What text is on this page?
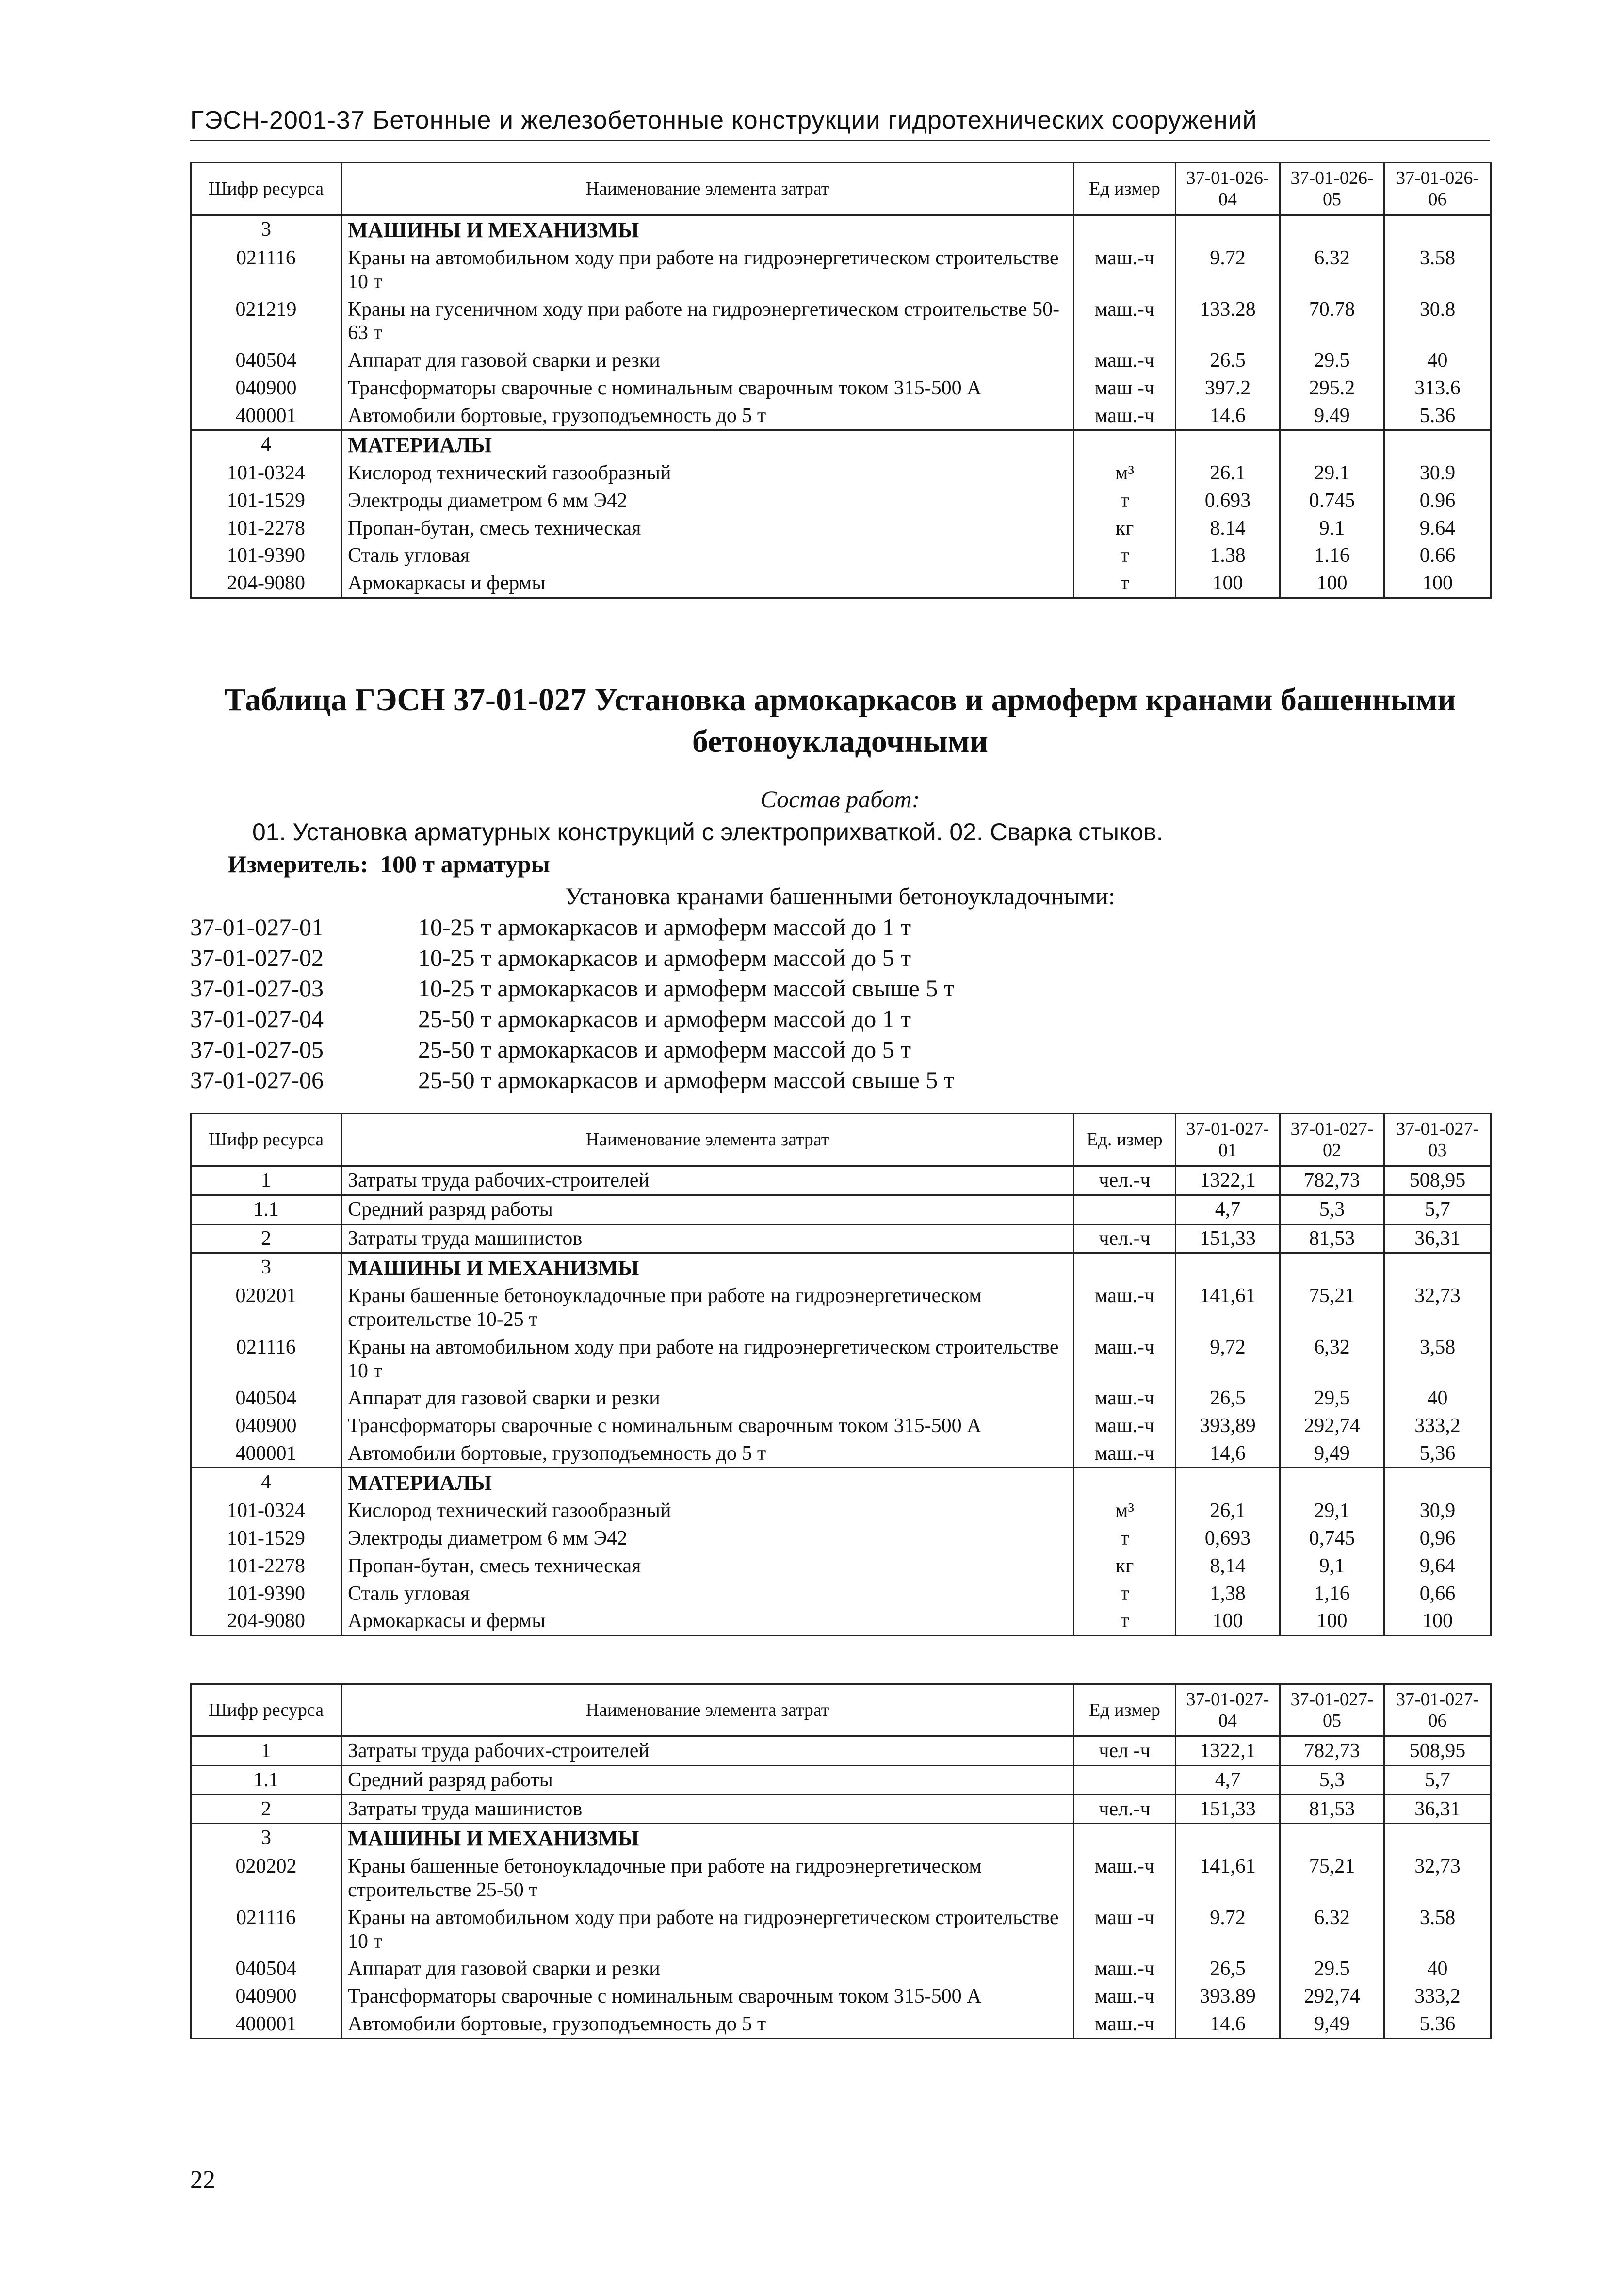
ГЭСН-2001-37 Бетонные и железобетонные конструкции гидротехнических сооружений
Шифр ресурса	Наименование элемента затрат	Ед измер	37-01-026-04	37-01-026-05	37-01-026-06
3	МАШИНЫ И МЕХАНИЗМЫ				
021116	Краны на автомобильном ходу при работе на гидроэнергетическом строительстве 10 т	маш.-ч	9.72	6.32	3.58
021219	Краны на гусеничном ходу при работе на гидроэнергетическом строительстве 50-63 т	маш.-ч	133.28	70.78	30.8
040504	Аппарат для газовой сварки и резки	маш.-ч	26.5	29.5	40
040900	Трансформаторы сварочные с номинальным сварочным током 315-500 А	маш -ч	397.2	295.2	313.6
400001	Автомобили бортовые, грузоподъемность до 5 т	маш.-ч	14.6	9.49	5.36
4	МАТЕРИАЛЫ				
101-0324	Кислород технический газообразный	м³	26.1	29.1	30.9
101-1529	Электроды диаметром 6 мм Э42	т	0.693	0.745	0.96
101-2278	Пропан-бутан, смесь техническая	кг	8.14	9.1	9.64
101-9390	Сталь угловая	т	1.38	1.16	0.66
204-9080	Армокаркасы и фермы	т	100	100	100
Таблица ГЭСН 37-01-027 Установка армокаркасов и армоферм кранами башенными бетоноукладочными
Состав работ:
01. Установка арматурных конструкций с электроприхваткой. 02. Сварка стыков.
Измеритель: 100 т арматуры
Установка кранами башенными бетоноукладочными:
37-01-027-01	10-25 т армокаркасов и армоферм массой до 1 т
37-01-027-02	10-25 т армокаркасов и армоферм массой до 5 т
37-01-027-03	10-25 т армокаркасов и армоферм массой свыше 5 т
37-01-027-04	25-50 т армокаркасов и армоферм массой до 1 т
37-01-027-05	25-50 т армокаркасов и армоферм массой до 5 т
37-01-027-06	25-50 т армокаркасов и армоферм массой свыше 5 т
Шифр ресурса	Наименование элемента затрат	Ед. измер	37-01-027-01	37-01-027-02	37-01-027-03
1	Затраты труда рабочих-строителей	чел.-ч	1322,1	782,73	508,95
1.1	Средний разряд работы		4,7	5,3	5,7
2	Затраты труда машинистов	чел.-ч	151,33	81,53	36,31
3	МАШИНЫ И МЕХАНИЗМЫ				
020201	Краны башенные бетоноукладочные при работе на гидроэнергетическом строительстве 10-25 т	маш.-ч	141,61	75,21	32,73
021116	Краны на автомобильном ходу при работе на гидроэнергетическом строительстве 10 т	маш.-ч	9,72	6,32	3,58
040504	Аппарат для газовой сварки и резки	маш.-ч	26,5	29,5	40
040900	Трансформаторы сварочные с номинальным сварочным током 315-500 А	маш.-ч	393,89	292,74	333,2
400001	Автомобили бортовые, грузоподъемность до 5 т	маш.-ч	14,6	9,49	5,36
4	МАТЕРИАЛЫ				
101-0324	Кислород технический газообразный	м³	26,1	29,1	30,9
101-1529	Электроды диаметром 6 мм Э42	т	0,693	0,745	0,96
101-2278	Пропан-бутан, смесь техническая	кг	8,14	9,1	9,64
101-9390	Сталь угловая	т	1,38	1,16	0,66
204-9080	Армокаркасы и фермы	т	100	100	100
Шифр ресурса	Наименование элемента затрат	Ед измер	37-01-027-04	37-01-027-05	37-01-027-06
1	Затраты труда рабочих-строителей	чел -ч	1322,1	782,73	508,95
1.1	Средний разряд работы		4,7	5,3	5,7
2	Затраты труда машинистов	чел.-ч	151,33	81,53	36,31
3	МАШИНЫ И МЕХАНИЗМЫ				
020202	Краны башенные бетоноукладочные при работе на гидроэнергетическом строительстве 25-50 т	маш.-ч	141,61	75,21	32,73
021116	Краны на автомобильном ходу при работе на гидроэнергетическом строительстве 10 т	маш -ч	9.72	6.32	3.58
040504	Аппарат для газовой сварки и резки	маш.-ч	26,5	29.5	40
040900	Трансформаторы сварочные с номинальным сварочным током 315-500 А	маш.-ч	393.89	292,74	333,2
400001	Автомобили бортовые, грузоподъемность до 5 т	маш.-ч	14.6	9,49	5.36
22
